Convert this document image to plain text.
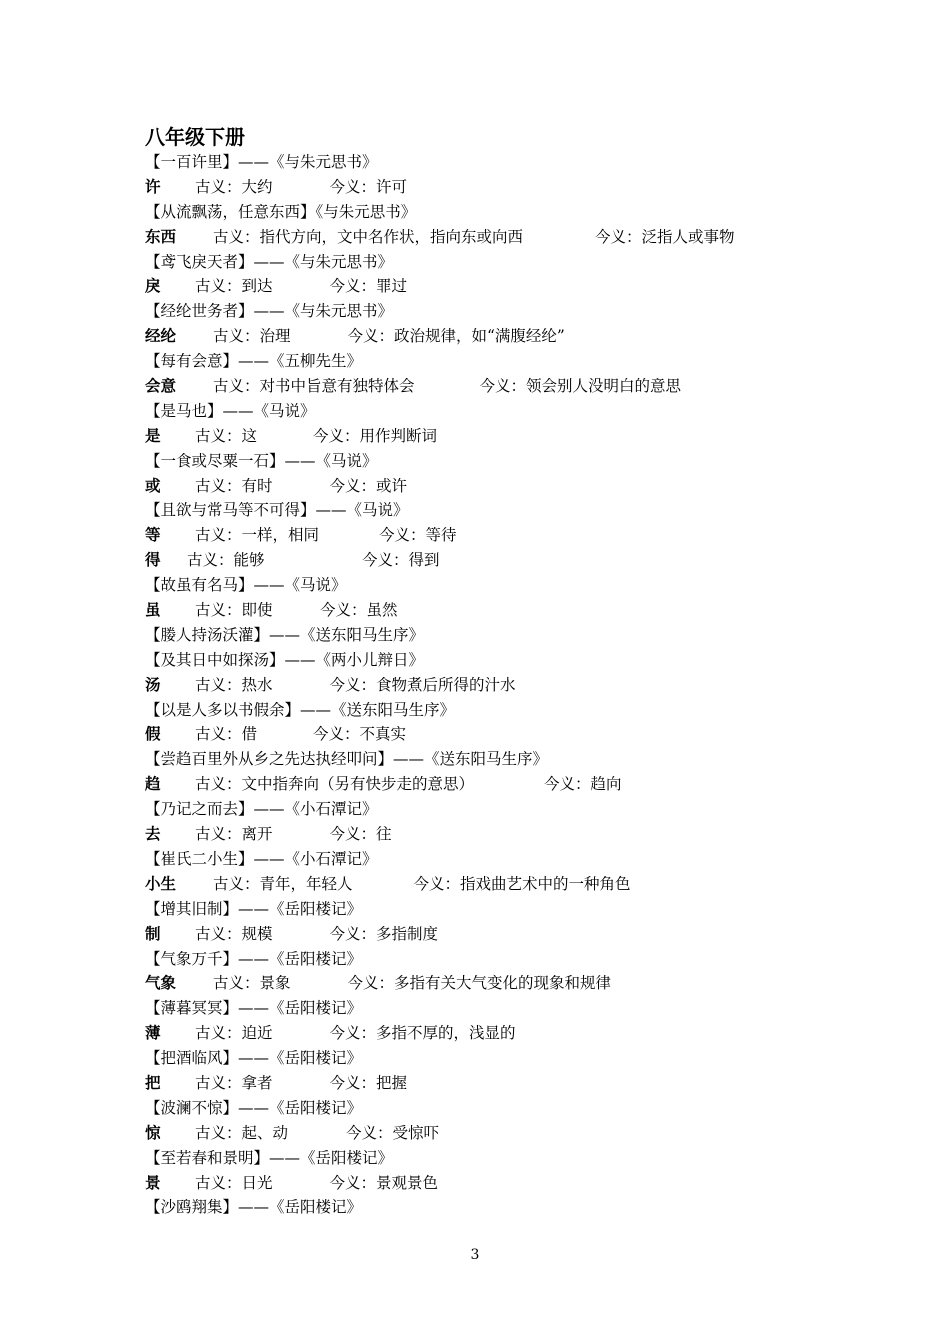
八年级下册
【一百许里】——《与朱元思书》
许 古义：大约	今义：许可
【从流飘荡，任意东西】《与朱元思书》
东西 古义：指代方向，文中名作状，指向东或向西	今义：泛指人或事物
【鸢飞戾天者】——《与朱元思书》
戾 古义：到达	今义：罪过
【经纶世务者】——《与朱元思书》
经纶 古义：治理	今义：政治规律，如“满腹经纶”
【每有会意】——《五柳先生》
会意 古义：对书中旨意有独特体会	今义：领会别人没明白的意思
【是马也】——《马说》
是 古义：这	今义：用作判断词
【一食或尽粟一石】——《马说》
或 古义：有时	今义：或许
【且欲与常马等不可得】——《马说》
等 古义：一样，相同	今义：等待
得 古义：能够	今义：得到
【故虽有名马】——《马说》
虽 古义：即使	今义：虽然
【媵人持汤沃灌】——《送东阳马生序》
【及其日中如探汤】——《两小儿辩日》
汤 古义：热水	今义：食物煮后所得的汁水
【以是人多以书假余】——《送东阳马生序》
假 古义：借	今义：不真实
【尝趋百里外从乡之先达执经叩问】——《送东阳马生序》
趋 古义：文中指奔向（另有快步走的意思）	今义：趋向
【乃记之而去】——《小石潭记》
去 古义：离开	今义：往
【崔氏二小生】——《小石潭记》
小生 古义：青年，年轻人	今义：指戏曲艺术中的一种角色
【增其旧制】——《岳阳楼记》
制 古义：规模	今义：多指制度
【气象万千】——《岳阳楼记》
气象 古义：景象	今义：多指有关大气变化的现象和规律
【薄暮冥冥】——《岳阳楼记》
薄 古义：迫近	今义：多指不厚的，浅显的
【把酒临风】——《岳阳楼记》
把 古义：拿者	今义：把握
【波澜不惊】——《岳阳楼记》
惊 古义：起、动	今义：受惊吓
【至若春和景明】——《岳阳楼记》
景 古义：日光	今义：景观景色
【沙鸥翔集】——《岳阳楼记》
3
